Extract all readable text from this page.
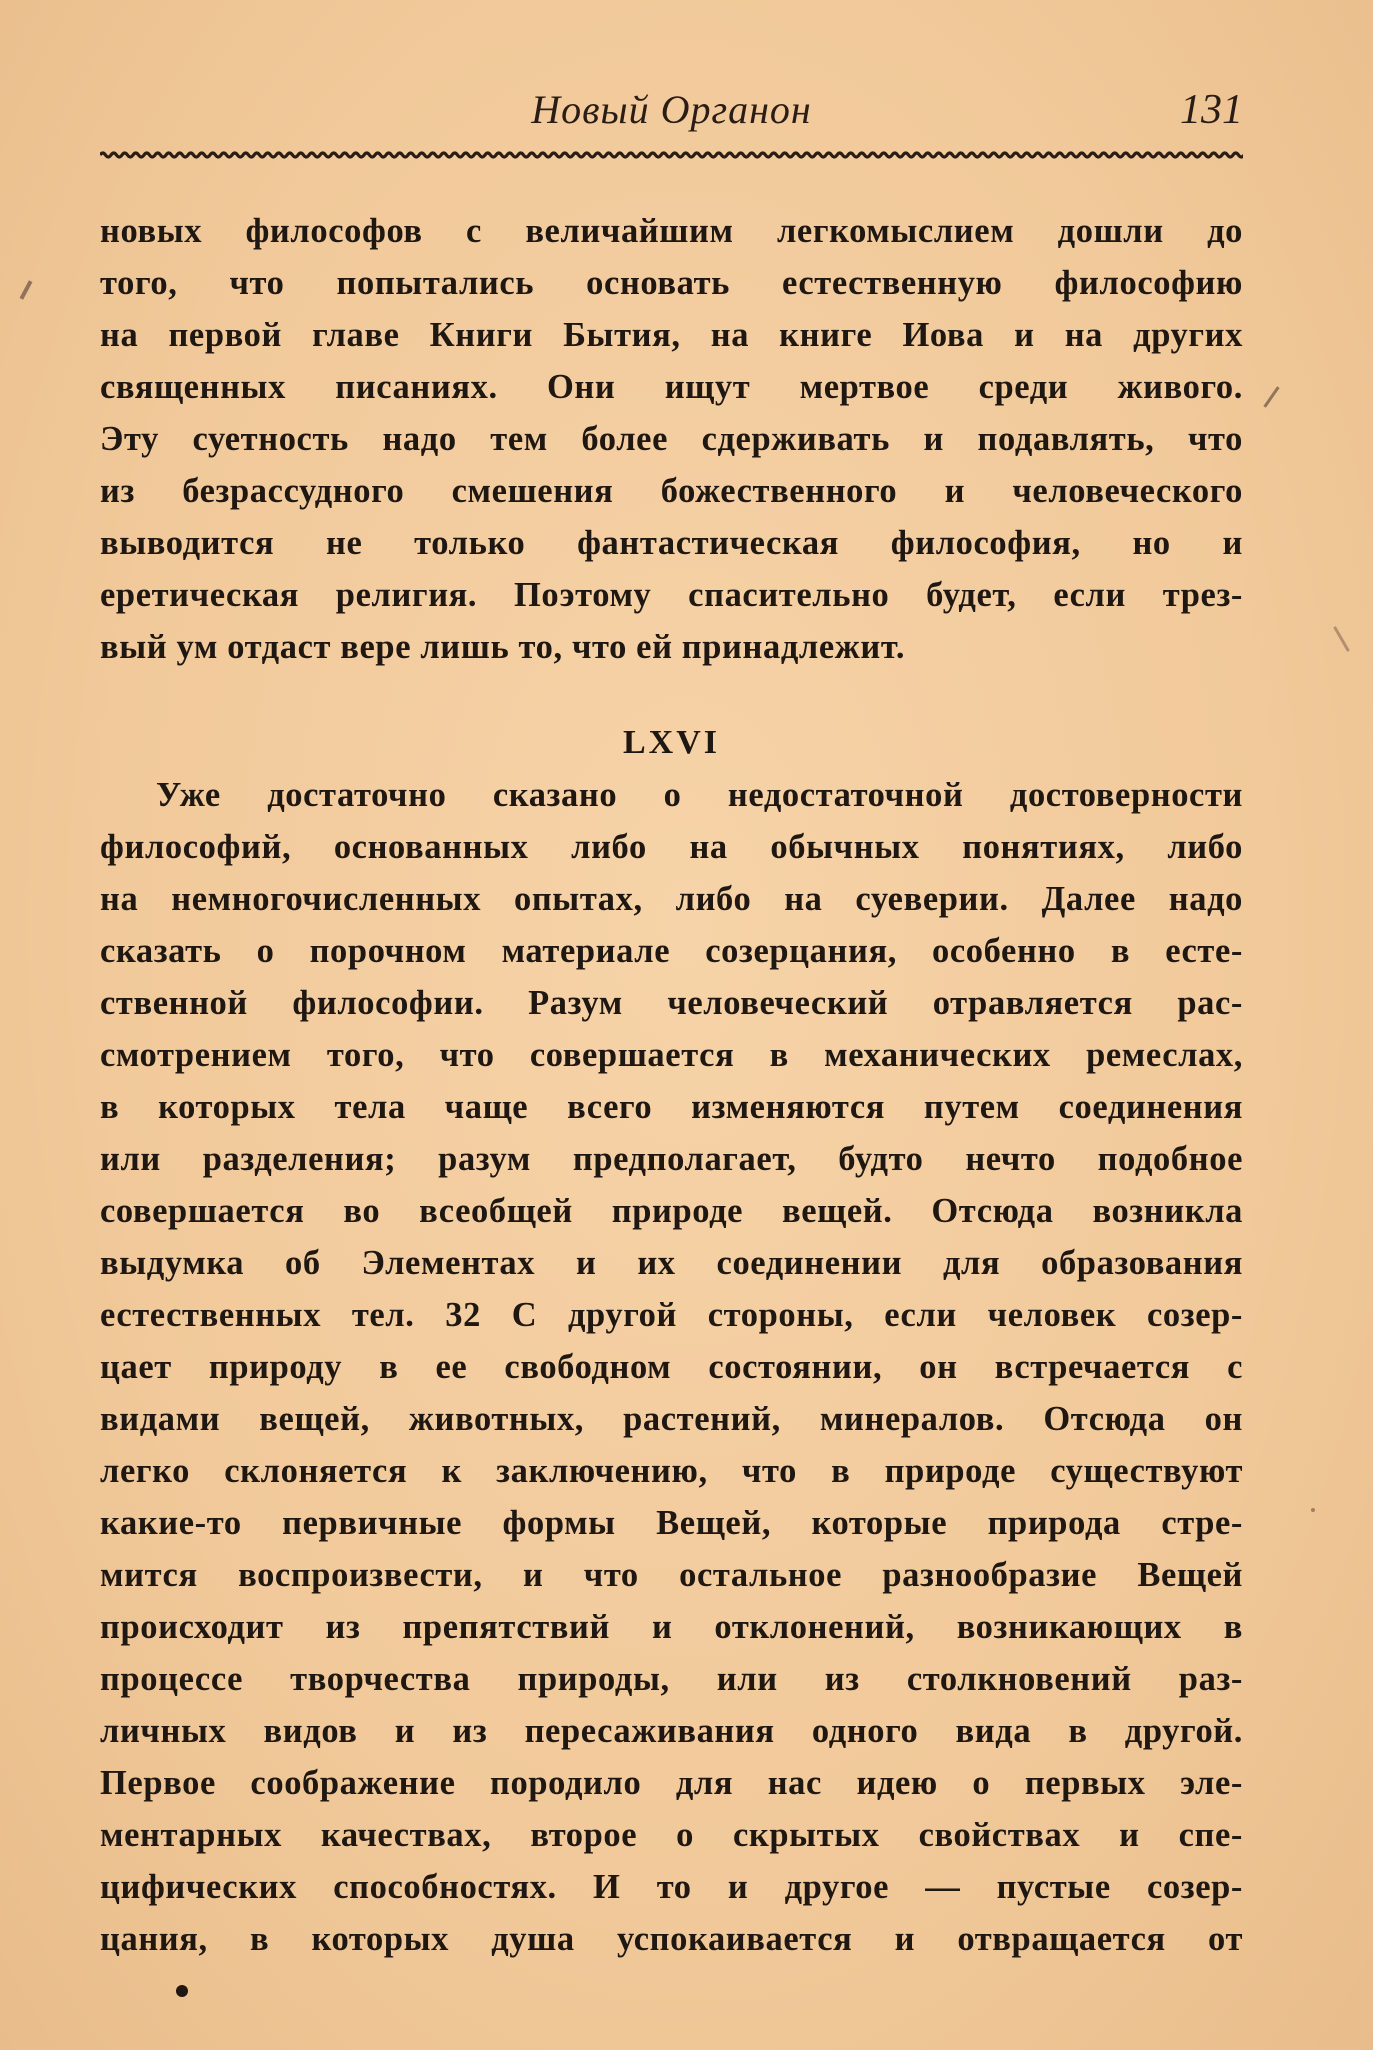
Новый Органон	131
новых философов с величайшим легкомыслием дошли до
того, что попытались основать естественную философию
на первой главе Книги Бытия, на книге Иова и на других
священных писаниях. Они ищут мертвое среди живого.
Эту суетность надо тем более сдерживать и подавлять, что
из безрассудного смешения божественного и человеческого
выводится не только фантастическая философия, но и
еретическая религия. Поэтому спасительно будет, если трез-
вый ум отдаст вере лишь то, что ей принадлежит.
LXVI
Уже достаточно сказано о недостаточной достоверности
философий, основанных либо на обычных понятиях, либо
на немногочисленных опытах, либо на суеверии. Далее надо
сказать о порочном материале созерцания, особенно в есте-
ственной философии. Разум человеческий отравляется рас-
смотрением того, что совершается в механических ремеслах,
в которых тела чаще всего изменяются путем соединения
или разделения; разум предполагает, будто нечто подобное
совершается во всеобщей природе вещей. Отсюда возникла
выдумка об Элементах и их соединении для образования
естественных тел. 32 С другой стороны, если человек созер-
цает природу в ее свободном состоянии, он встречается с
видами вещей, животных, растений, минералов. Отсюда он
легко склоняется к заключению, что в природе существуют
какие-то первичные формы Вещей, которые природа стре-
мится воспроизвести, и что остальное разнообразие Вещей
происходит из препятствий и отклонений, возникающих в
процессе творчества природы, или из столкновений раз-
личных видов и из пересаживания одного вида в другой.
Первое соображение породило для нас идею о первых эле-
ментарных качествах, второе о скрытых свойствах и спе-
цифических способностях. И то и другое — пустые созер-
цания, в которых душа успокаивается и отвращается от
